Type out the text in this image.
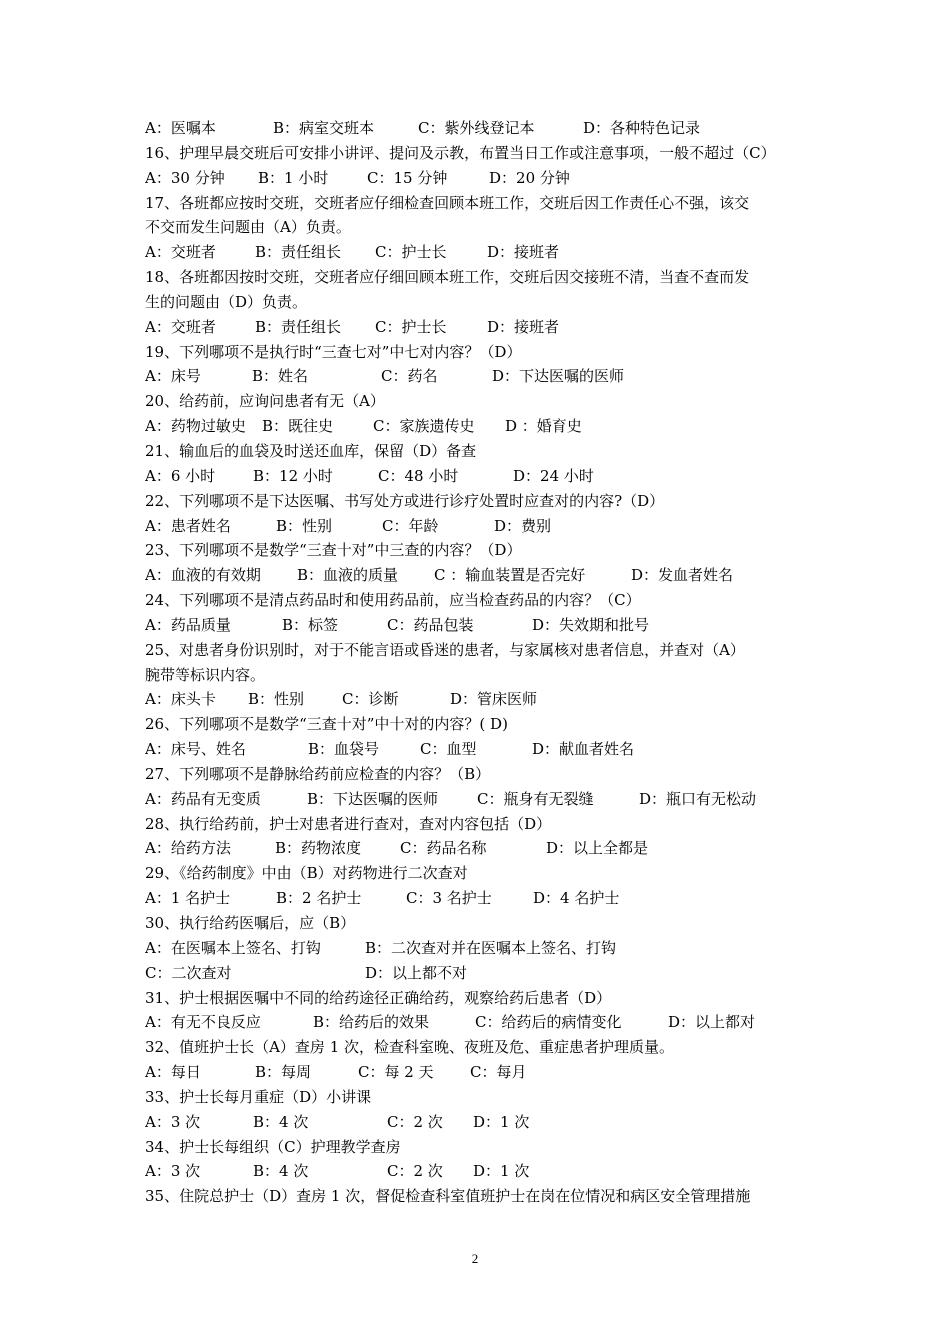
A：医嘱本	B：病室交班本	C：紫外线登记本	D：各种特色记录
16、护理早晨交班后可安排小讲评、提问及示教，布置当日工作或注意事项，一般不超过（C）
A：30 分钟 B：1 小时	C：15 分钟	D：20 分钟
17、各班都应按时交班，交班者应仔细检查回顾本班工作，交班后因工作责任心不强，该交
不交而发生问题由（A）负责。
A：交班者	B：责任组长 C：护士长	D：接班者
18、各班都因按时交班，交班者应仔细回顾本班工作，交班后因交接班不清，当查不查而发
生的问题由（D）负责。
A：交班者	B：责任组长 C：护士长	D：接班者
19、下列哪项不是执行时“三查七对”中七对内容？（D）
A：床号	B：姓名	C：药名	D：下达医嘱的医师
20、给药前，应询问患者有无（A）
A：药物过敏史 B：既往史	C：家族遗传史 D ：婚育史
21、输血后的血袋及时送还血库，保留（D）备查
A：6 小时	B：12 小时	C：48 小时	D：24 小时
22、下列哪项不是下达医嘱、书写处方或进行诊疗处置时应查对的内容?（D）
A：患者姓名	B：性别	C：年龄	D：费别
23、下列哪项不是数学“三查十对”中三查的内容？（D）
A：血液的有效期 B：血液的质量 C ：输血装置是否完好	D：发血者姓名
24、下列哪项不是清点药品时和使用药品前，应当检查药品的内容？（C）
A：药品质量	B：标签	C：药品包装	D：失效期和批号
25、对患者身份识别时，对于不能言语或昏迷的患者，与家属核对患者信息，并查对（A）
腕带等标识内容。
A：床头卡 B：性别	C：诊断	D：管床医师
26、下列哪项不是数学“三查十对”中十对的内容？( D)
A：床号、姓名	B：血袋号	C：血型	D：献血者姓名
27、下列哪项不是静脉给药前应检查的内容？（B）
A：药品有无变质	B：下达医嘱的医师	C：瓶身有无裂缝	D：瓶口有无松动
28、执行给药前，护士对患者进行查对，查对内容包括（D）
A：给药方法	B：药物浓度	C：药品名称	D：以上全都是
29、《给药制度》中由（B）对药物进行二次查对
A：1 名护士	B：2 名护士	C：3 名护士	D：4 名护士
30、执行给药医嘱后，应（B）
A：在医嘱本上签名、打钩	B：二次查对并在医嘱本上签名、打钩
C：二次查对	D：以上都不对
31、护士根据医嘱中不同的给药途径正确给药，观察给药后患者（D）
A：有无不良反应	B：给药后的效果	C：给药后的病情变化	D：以上都对
32、值班护士长（A）查房 1 次，检查科室晚、夜班及危、重症患者护理质量。
A：每日	B：每周	C：每 2 天 C：每月
33、护士长每月重症（D）小讲课
A：3 次	B：4 次	C：2 次 D：1 次
34、护士长每组织（C）护理教学查房
A：3 次	B：4 次	C：2 次 D：1 次
35、住院总护士（D）查房 1 次，督促检查科室值班护士在岗在位情况和病区安全管理措施
2
